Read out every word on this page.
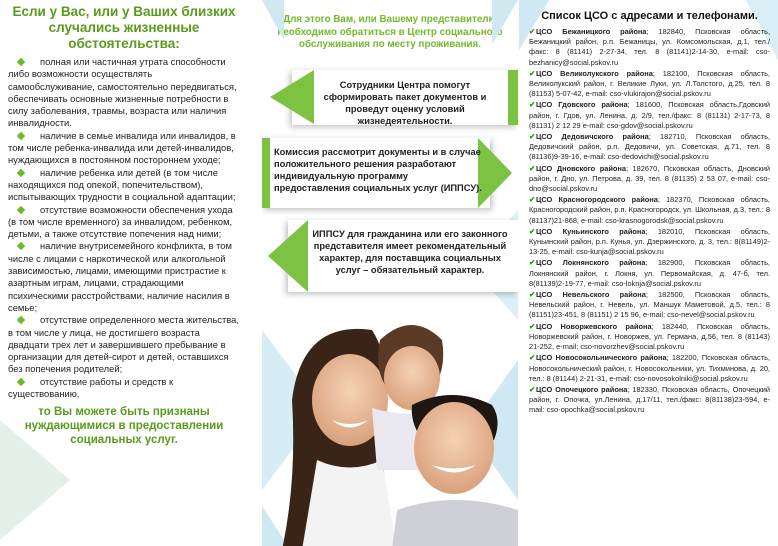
Если у Вас, или у Ваших близких случались жизненные обстоятельства:

полная или частичная утрата способности либо возможности осуществлять самообслуживание, самостоятельно передвигаться, обеспечивать основные жизненные потребности в силу заболевания, травмы, возраста или наличия инвалидности.

наличие в семье инвалида или инвалидов, в том числе ребенка-инвалида или детей-инвалидов, нуждающихся в постоянном постороннем уходе;

наличие ребенка или детей (в том числе находящихся под опекой, попечительством), испытывающих трудности в социальной адаптации;

отсутствие возможности обеспечения ухода (в том числе временного) за инвалидом, ребенком, детьми, а также отсутствие попечения над ними;

наличие внутрисемейного конфликта, в том числе с лицами с наркотической или алкогольной зависимостью, лицами, имеющими пристрастие к азартным играм, лицами, страдающими психическими расстройствами, наличие насилия в семье;

отсутствие определенного места жительства, в том числе у лица, не достигшего возраста двадцати трех лет и завершившего пребывание в организации для детей-сирот и детей, оставшихся без попечения родителей;

отсутствие работы и средств к существованию,

то Вы можете быть признаны нуждающимися в предоставлении социальных услуг.
Для этого Вам, или Вашему представителю необходимо обратиться в Центр социального обслуживания по месту проживания.
Сотрудники Центра помогут сформировать пакет документов и проведут оценку условий жизнедеятельности.
Комиссия рассмотрит документы и в случае положительного решения разработают индивидуальную программу предоставления социальных услуг (ИППСУ).
ИППСУ для гражданина или его законного представителя имеет рекомендательный характер, для поставщика социальных услуг – обязательный характер.
Список ЦСО с адресами и телефонами.

✔ЦСО Бежаницкого района; 182840, Псковская область, Бежаницкий район, р.п. Бежаницы, ул. Комсомольская, д.1, тел./факс: 8 (81141) 2-27-34, тел. 8 (81141)2-14-30, e-mail: cso-bezhanicy@social.pskov.ru

✔ЦСО Великолукского района; 182100, Псковская область, Великолукский район, г. Великие Луки, ул. Л.Толстого, д.25, тел. 8 (81153) 5-07-42, e-mail: cso-vlukirajon@social.pskov.ru

✔ЦСО Гдовского района; 181600, Псковская область,Гдовский район, г. Гдов, ул. Ленина, д. 2/9, тел./факс: 8 (81131) 2-17-73, 8 (81131) 2 12 29 e-mail: cso-gdov@social.pskov.ru

✔ЦСО Дедовичского района; 182710, Псковская область, Дедовичский район, р.п. Дедовичи, ул. Советская, д.71, тел. 8 (81136)9-39-16, e-mail: cso-dedovichi@social.pskov.ru

✔ЦСО Дновского района; 182670, Псковская область, Дновский район, г. Дно, ул. Петрова, д. 39, тел. 8 (81135) 2 53 07, e-mail: cso-dno@social.pskov.ru

✔ЦСО Красногородского района; 182370, Псковская область, Красногородский район, р.п. Красногородск, ул. Школьная, д.3, тел.: 8 (81137)21-868, e-mail: cso-krasnogorodsk@social.pskov.ru

✔ЦСО Куньинского района; 182010, Псковская область, Куньинский район, р.п. Кунья, ул. Дзержинского, д. 3, тел.: 8(81149)2-13-25, e-mail: cso-kunja@social.pskov.ru

✔ЦСО Локнянского района; 182900, Псковская область, Локнянский район, г. Локня, ул. Первомайская, д. 47-б, тел. 8(81139)2-19-77, e-mail: cso-loknja@social.pskov.ru

✔ЦСО Невельского района; 182500, Псковская область, Невельский район, г. Невель, ул. Маншук Маметовой, д.5, тел.: 8 (81151)23-451, 8 (81151) 2 15 96, e-mail: cso-nevel@social.pskov.ru

✔ЦСО Новоржевского района; 182440, Псковская область, Новоржевский район, г. Новоржев, ул. Германа, д.56, тел. 8 (81143) 21-252, e-mail: cso-novorzhev@social.pskov.ru

✔ЦСО Новосокольнического района; 182200, Псковская область, Новосокольнический район, г. Новосокольники, ул. Тихминова, д. 20, тел.: 8 (81144) 2-21-31, e-mail: cso-novosokolniki@social.pskov.ru

✔ЦСО Опочецкого района; 182330, Псковская область, Опочецкий район, г. Опочка, ул.Ленина, д.17/11, тел./факс: 8(81138)23-594, e-mail: cso-opochka@social.pskov.ru
